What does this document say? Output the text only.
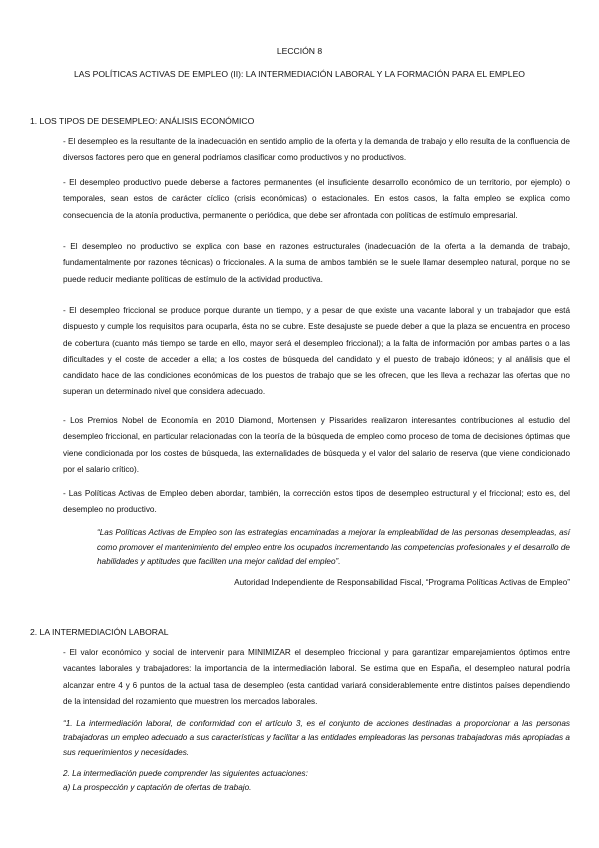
LECCIÓN 8
LAS POLÍTICAS ACTIVAS DE EMPLEO (II): LA INTERMEDIACIÓN LABORAL Y LA FORMACIÓN PARA EL EMPLEO
1. LOS TIPOS DE DESEMPLEO: ANÁLISIS ECONÓMICO

- El desempleo es la resultante de la inadecuación en sentido amplio de la oferta y la demanda de trabajo y ello resulta de la confluencia de diversos factores pero que en general podríamos clasificar como productivos y no productivos.

- El desempleo productivo puede deberse a factores permanentes (el insuficiente desarrollo económico de un territorio, por ejemplo) o temporales, sean estos de carácter cíclico (crisis económicas) o estacionales. En estos casos, la falta empleo se explica como consecuencia de la atonía productiva, permanente o periódica, que debe ser afrontada con políticas de estímulo empresarial.

- El desempleo no productivo se explica con base en razones estructurales (inadecuación de la oferta a la demanda de trabajo, fundamentalmente por razones técnicas) o friccionales. A la suma de ambos también se le suele llamar desempleo natural, porque no se puede reducir mediante políticas de estímulo de la actividad productiva.

- El desempleo friccional se produce porque durante un tiempo, y a pesar de que existe una vacante laboral y un trabajador que está dispuesto y cumple los requisitos para ocuparla, ésta no se cubre. Este desajuste se puede deber a que la plaza se encuentra en proceso de cobertura (cuanto más tiempo se tarde en ello, mayor será el desempleo friccional); a la falta de información por ambas partes o a las dificultades y el coste de acceder a ella; a los costes de búsqueda del candidato y el puesto de trabajo idóneos; y al análisis que el candidato hace de las condiciones económicas de los puestos de trabajo que se les ofrecen, que les lleva a rechazar las ofertas que no superan un determinado nivel que considera adecuado.

- Los Premios Nobel de Economía en 2010 Diamond, Mortensen y Pissarides realizaron interesantes contribuciones al estudio del desempleo friccional, en particular relacionadas con la teoría de la búsqueda de empleo como proceso de toma de decisiones óptimas que viene condicionada por los costes de búsqueda, las externalidades de búsqueda y el valor del salario de reserva (que viene condicionado por el salario crítico).

- Las Políticas Activas de Empleo deben abordar, también, la corrección estos tipos de desempleo estructural y el friccional; esto es, del desempleo no productivo.

“Las Políticas Activas de Empleo son las estrategias encaminadas a mejorar la empleabilidad de las personas desempleadas, así como promover el mantenimiento del empleo entre los ocupados incrementando las competencias profesionales y el desarrollo de habilidades y aptitudes que faciliten una mejor calidad del empleo”.

Autoridad Independiente de Responsabilidad Fiscal, “Programa Políticas Activas de Empleo”
2. LA INTERMEDIACIÓN LABORAL

- El valor económico y social de intervenir para MINIMIZAR el desempleo friccional y para garantizar emparejamientos óptimos entre vacantes laborales y trabajadores: la importancia de la intermediación laboral. Se estima que en España, el desempleo natural podría alcanzar entre 4 y 6 puntos de la actual tasa de desempleo (esta cantidad variará considerablemente entre distintos países dependiendo de la intensidad del rozamiento que muestren los mercados laborales.

“1. La intermediación laboral, de conformidad con el artículo 3, es el conjunto de acciones destinadas a proporcionar a las personas trabajadoras un empleo adecuado a sus características y facilitar a las entidades empleadoras las personas trabajadoras más apropiadas a sus requerimientos y necesidades.

2. La intermediación puede comprender las siguientes actuaciones:

a) La prospección y captación de ofertas de trabajo.
